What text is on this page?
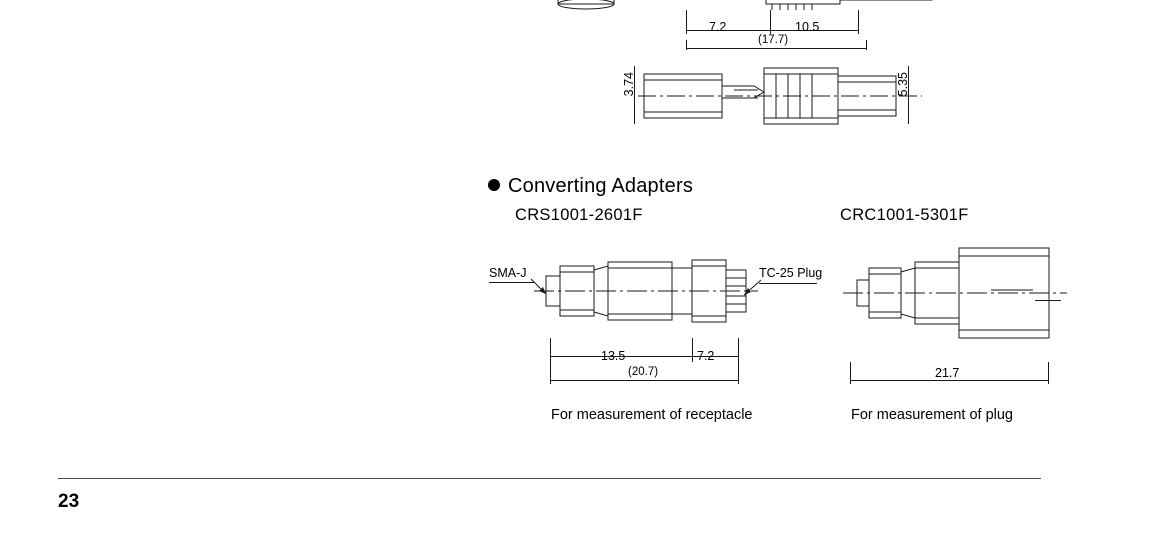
7.2	10.5
(17.7)
3.74	5.35
Converting Adapters
CRS1001-2601F
SMA-J	TC-25 Plug
13.5	7.2
(20.7)
For measurement of receptacle
CRC1001-5301F
21.7
For measurement of plug
23
